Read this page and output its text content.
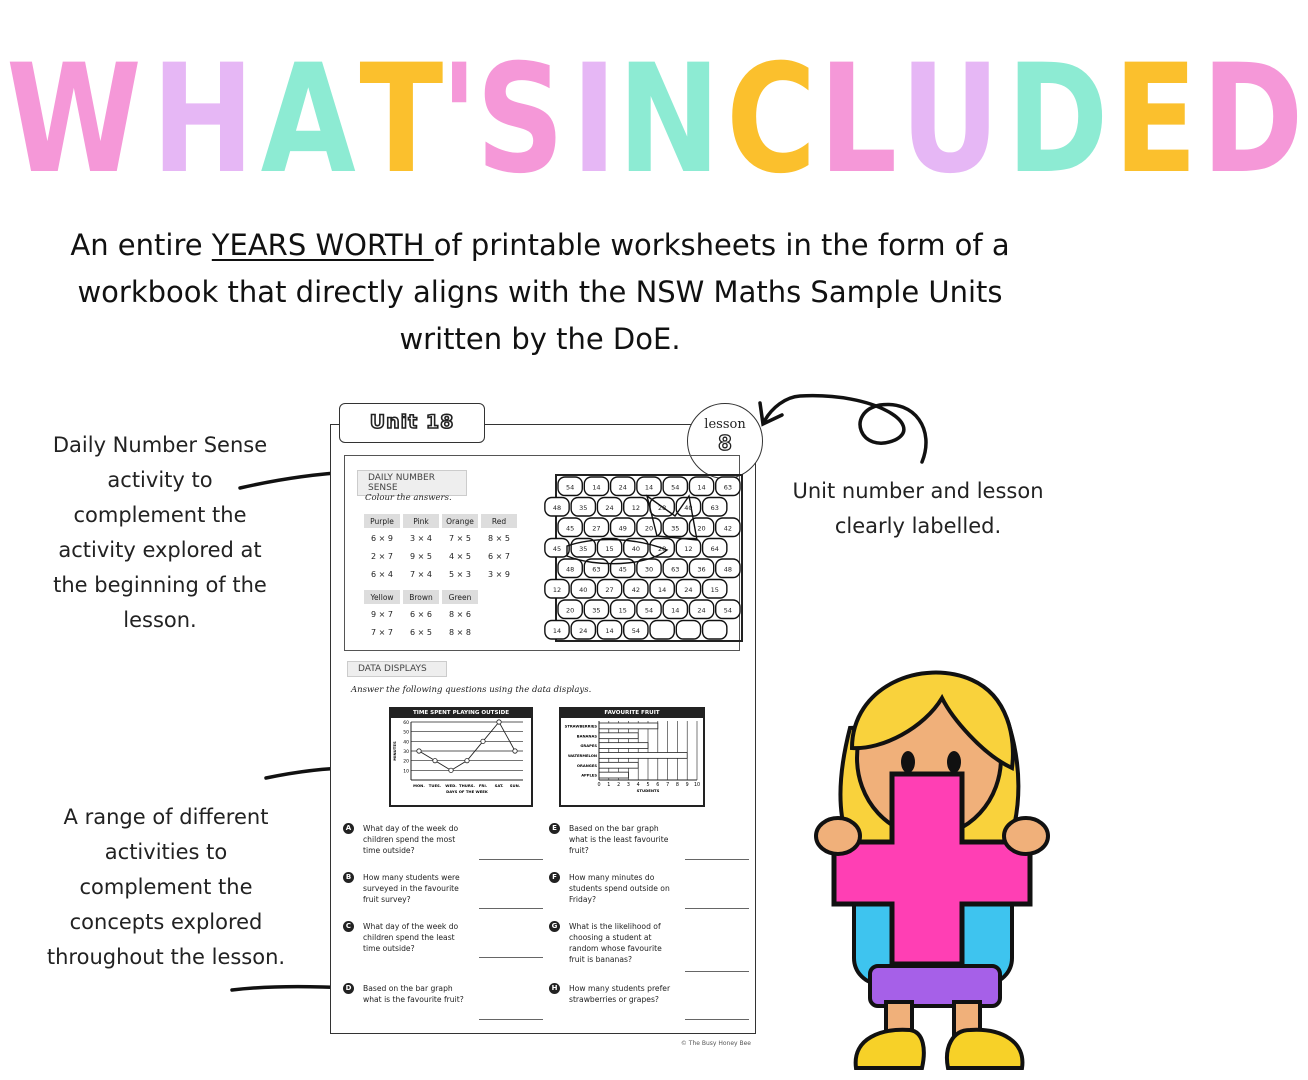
WHAT'S INCLUDED
An entire YEARS WORTH of printable worksheets in the form of a workbook that directly aligns with the NSW Maths Sample Units written by the DoE.
Daily Number Sense activity to complement the activity explored at the beginning of the lesson.
Unit number and lesson clearly labelled.
A range of different activities to complement the concepts explored throughout the lesson.
Unit 18	lesson
8
DAILY NUMBER SENSE
Colour the answers.
Purple	Pink	Orange	Red
6 × 9	3 × 4	7 × 5	8 × 5
2 × 7	9 × 5	4 × 5	6 × 7
6 × 4	7 × 4	5 × 3	3 × 9
Yellow	Brown	Green
9 × 7	6 × 6	8 × 6
7 × 7	6 × 5	8 × 8
54	14	24	14	54	14	63
48	35	24	12	28	40	63
45	27	49	20	35	20	42
45	35	15	40	28	12	64
48	63	45	30	63	36	48
12	40	27	42	14	24	15
20	35	15	54	14	24	54
14	24	14	54
DATA DISPLAYS
Answer the following questions using the data displays.
TIME SPENT PLAYING OUTSIDE
60
50
40
30
20
10
MON. TUES. WED. THURS. FRI. SAT. SUN.
DAYS OF THE WEEK
MINUTES
FAVOURITE FRUIT
0 1 2 3 4 5 6 7 8 9 10
STRAWBERRIES
BANANAS
GRAPES
WATERMELON
ORANGES
APPLES
STUDENTS
A	What day of the week do children spend the most time outside?
B	How many students were surveyed in the favourite fruit survey?
C	What day of the week do children spend the least time outside?
D	Based on the bar graph what is the favourite fruit?
E	Based on the bar graph what is the least favourite fruit?
F	How many minutes do students spend outside on Friday?
G	What is the likelihood of choosing a student at random whose favourite fruit is bananas?
H	How many students prefer strawberries or grapes?
© The Busy Honey Bee
